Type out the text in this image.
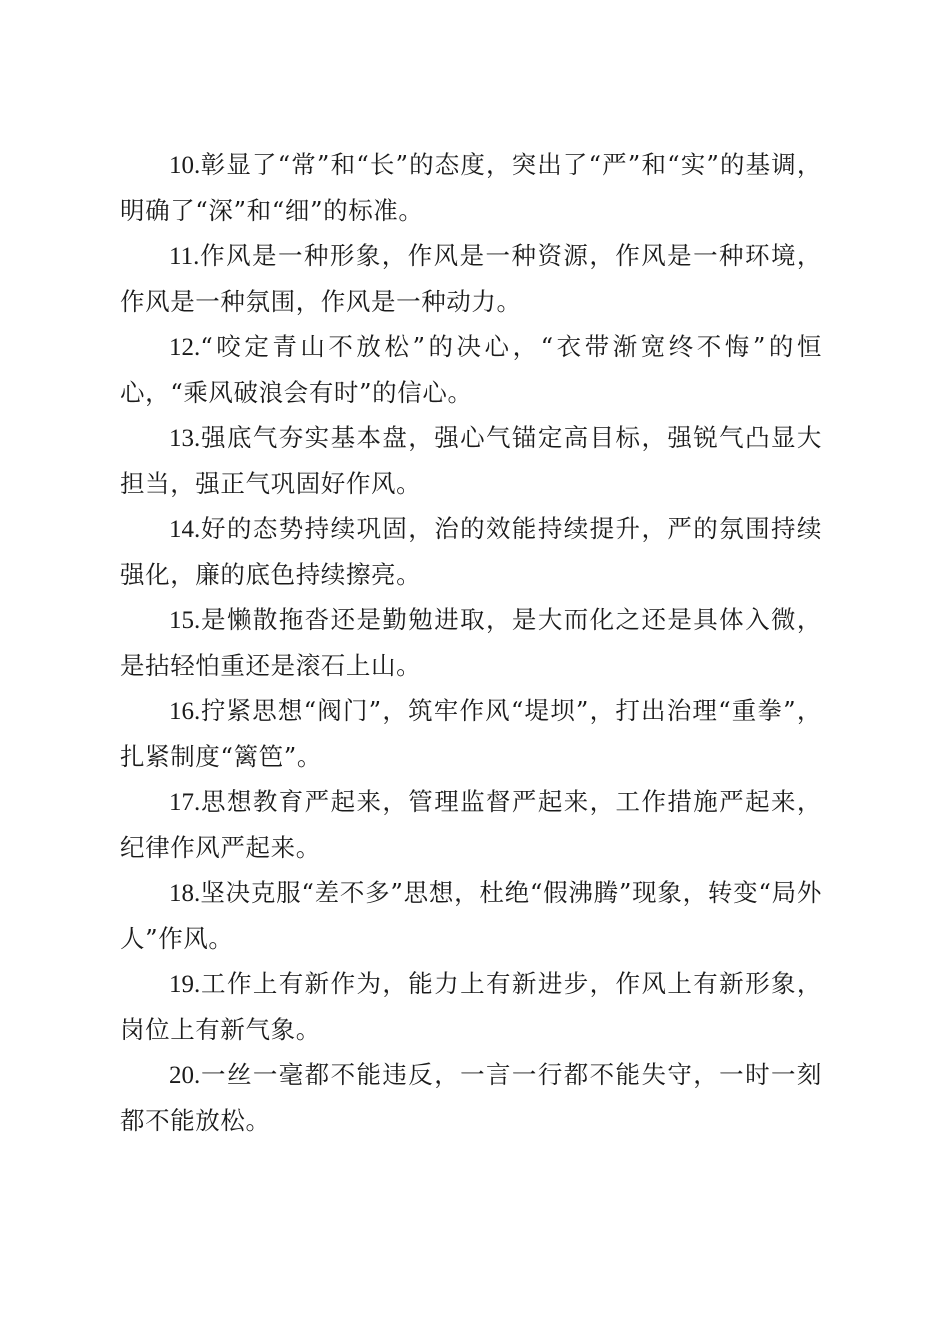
10.彰显了“常”和“长”的态度，突出了“严”和“实”的基调，明确了“深”和“细”的标准。

11.作风是一种形象，作风是一种资源，作风是一种环境，作风是一种氛围，作风是一种动力。

12.“咬定青山不放松”的决心，“衣带渐宽终不悔”的恒心，“乘风破浪会有时”的信心。

13.强底气夯实基本盘，强心气锚定高目标，强锐气凸显大担当，强正气巩固好作风。

14.好的态势持续巩固，治的效能持续提升，严的氛围持续强化，廉的底色持续擦亮。

15.是懒散拖沓还是勤勉进取，是大而化之还是具体入微，是拈轻怕重还是滚石上山。

16.拧紧思想“阀门”，筑牢作风“堤坝”，打出治理“重拳”，扎紧制度“篱笆”。

17.思想教育严起来，管理监督严起来，工作措施严起来，纪律作风严起来。

18.坚决克服“差不多”思想，杜绝“假沸腾”现象，转变“局外人”作风。

19.工作上有新作为，能力上有新进步，作风上有新形象，岗位上有新气象。

20.一丝一毫都不能违反，一言一行都不能失守，一时一刻都不能放松。
